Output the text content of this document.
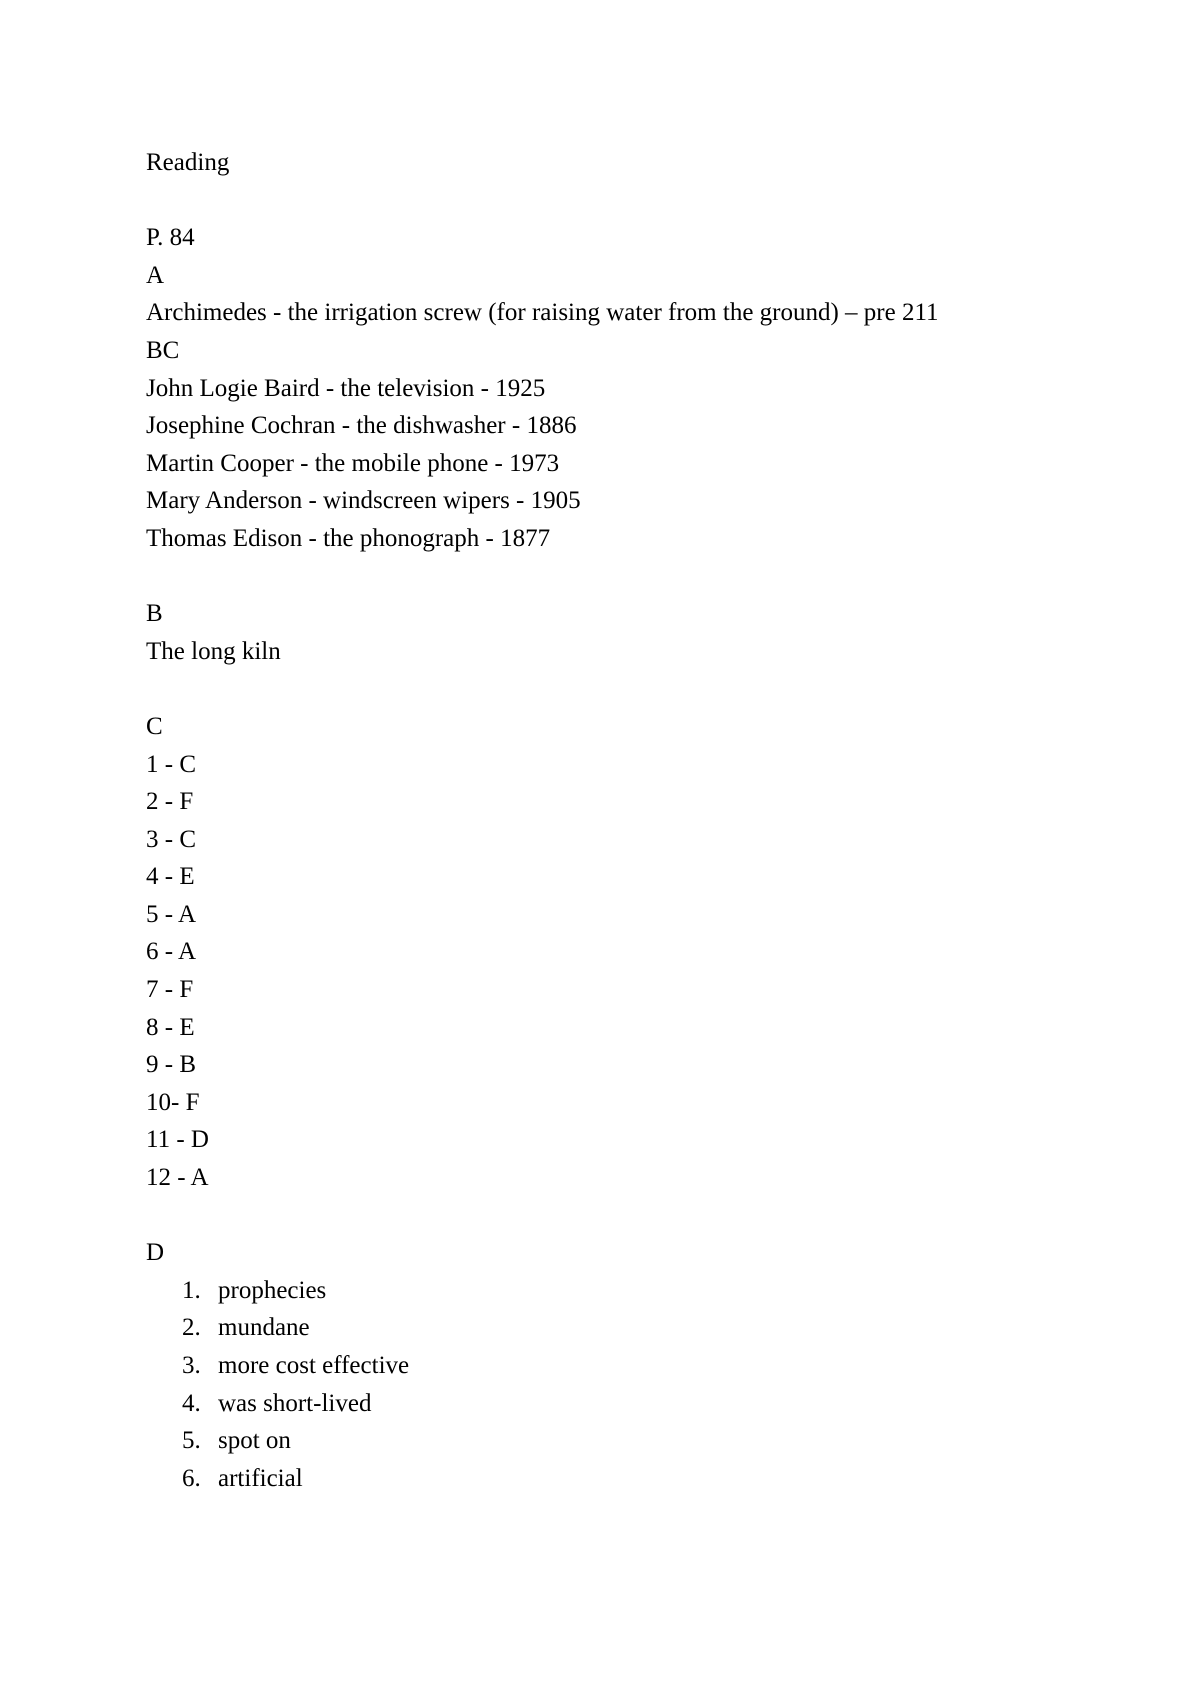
Reading
P. 84
A
Archimedes - the irrigation screw (for raising water from the ground) – pre 211
BC
John Logie Baird - the television - 1925
Josephine Cochran - the dishwasher - 1886
Martin Cooper - the mobile phone - 1973
Mary Anderson - windscreen wipers - 1905
Thomas Edison - the phonograph - 1877
B
The long kiln
C
1 - C
2 - F
3 - C
4 - E
5 - A
6 - A
7 - F
8 - E
9 - B
10- F
11 - D
12 - A
D
1. prophecies
2. mundane
3. more cost effective
4. was short-lived
5. spot on
6. artificial
